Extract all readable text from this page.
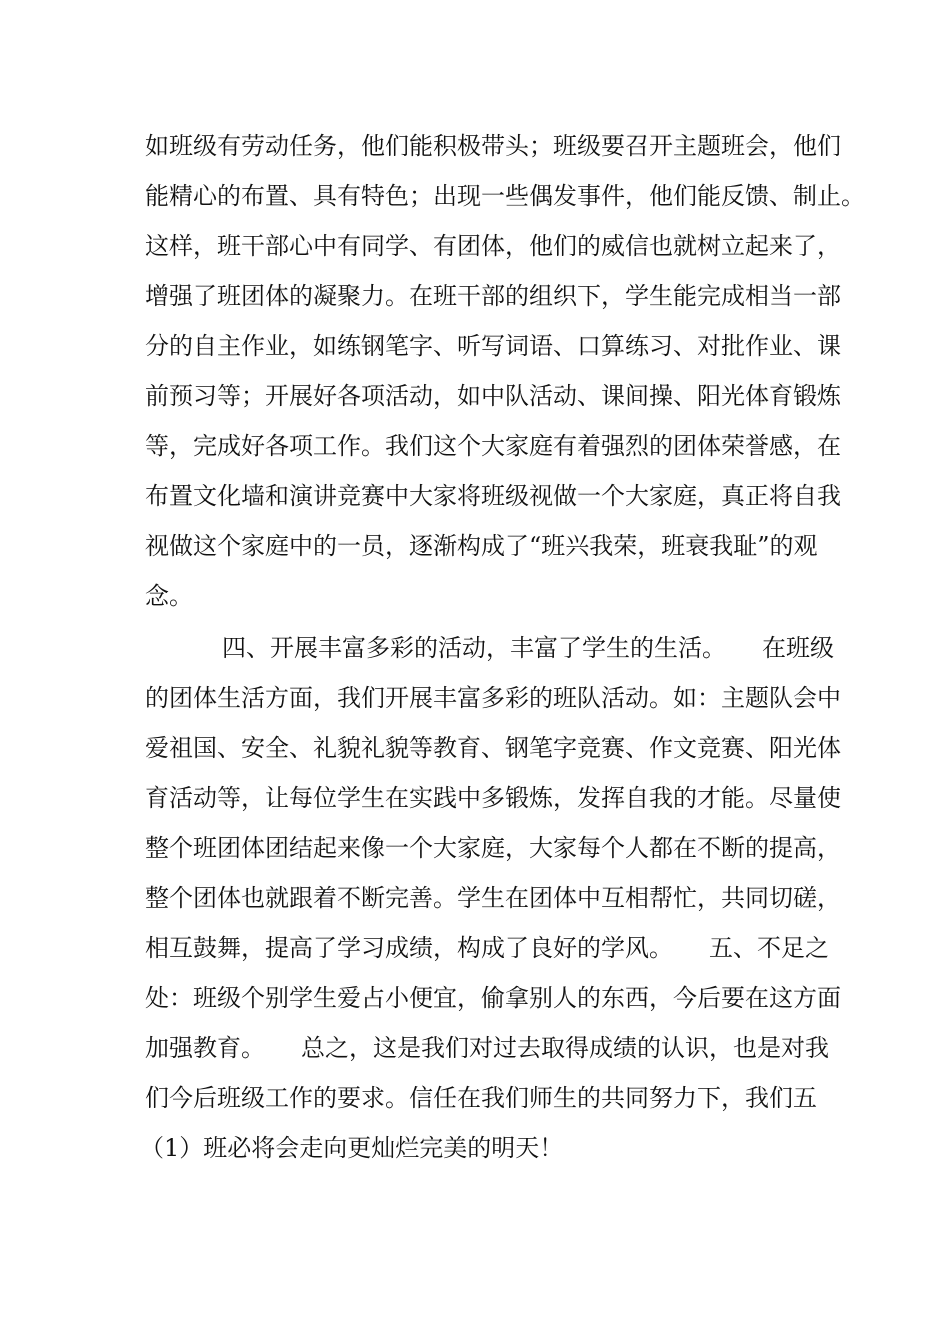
如班级有劳动任务，他们能积极带头；班级要召开主题班会，他们
能精心的布置、具有特色；出现一些偶发事件，他们能反馈、制止。
这样，班干部心中有同学、有团体，他们的威信也就树立起来了，
增强了班团体的凝聚力。在班干部的组织下，学生能完成相当一部
分的自主作业，如练钢笔字、听写词语、口算练习、对批作业、课
前预习等；开展好各项活动，如中队活动、课间操、阳光体育锻炼
等，完成好各项工作。我们这个大家庭有着强烈的团体荣誉感，在
布置文化墙和演讲竞赛中大家将班级视做一个大家庭，真正将自我
视做这个家庭中的一员，逐渐构成了“班兴我荣，班衰我耻”的观
念。
四、开展丰富多彩的活动，丰富了学生的生活。　　在班级
的团体生活方面，我们开展丰富多彩的班队活动。如：主题队会中
爱祖国、安全、礼貌礼貌等教育、钢笔字竞赛、作文竞赛、阳光体
育活动等，让每位学生在实践中多锻炼，发挥自我的才能。尽量使
整个班团体团结起来像一个大家庭，大家每个人都在不断的提高，
整个团体也就跟着不断完善。学生在团体中互相帮忙，共同切磋，
相互鼓舞，提高了学习成绩，构成了良好的学风。　　五、不足之
处：班级个别学生爱占小便宜，偷拿别人的东西，今后要在这方面
加强教育。　　总之，这是我们对过去取得成绩的认识，也是对我
们今后班级工作的要求。信任在我们师生的共同努力下，我们五
（1）班必将会走向更灿烂完美的明天！
